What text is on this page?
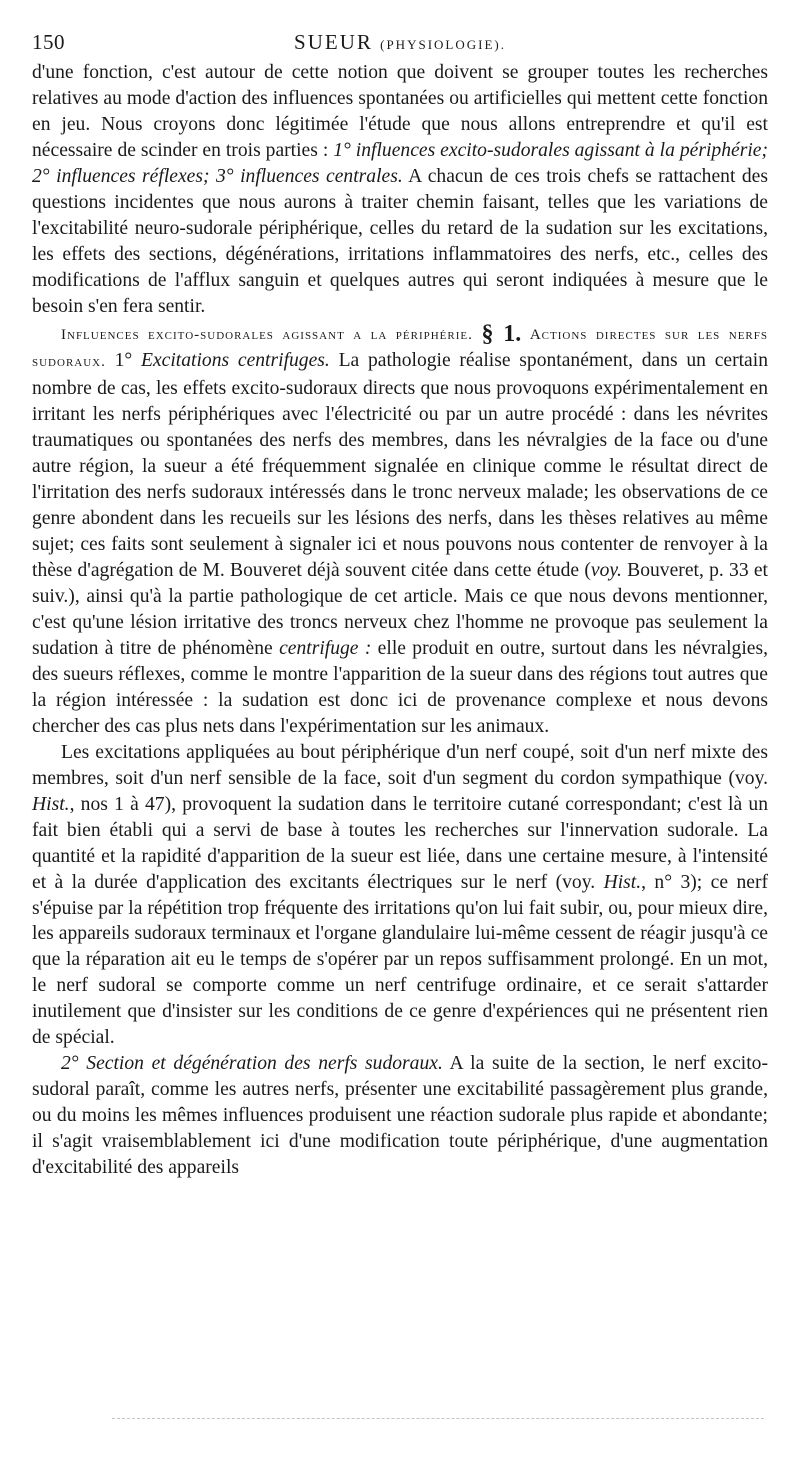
150	SUEUR (PHYSIOLOGIE).

d'une fonction, c'est autour de cette notion que doivent se grouper toutes les recherches relatives au mode d'action des influences spontanées ou artificielles qui mettent cette fonction en jeu. Nous croyons donc légitimée l'étude que nous allons entreprendre et qu'il est nécessaire de scinder en trois parties : 1° influences excito-sudorales agissant à la périphérie; 2° influences réflexes; 3° influences centrales. A chacun de ces trois chefs se rattachent des questions incidentes que nous aurons à traiter chemin faisant, telles que les variations de l'excitabilité neuro-sudorale périphérique, celles du retard de la sudation sur les excitations, les effets des sections, dégénérations, irritations inflammatoires des nerfs, etc., celles des modifications de l'afflux sanguin et quelques autres qui seront indiquées à mesure que le besoin s'en fera sentir.

Influences excito-sudorales agissant a la périphérie. § 1. Actions directes sur les nerfs sudoraux. 1° Excitations centrifuges. La pathologie réalise spontanément, dans un certain nombre de cas, les effets excito-sudoraux directs que nous provoquons expérimentalement en irritant les nerfs périphériques avec l'électricité ou par un autre procédé : dans les névrites traumatiques ou spontanées des nerfs des membres, dans les névralgies de la face ou d'une autre région, la sueur a été fréquemment signalée en clinique comme le résultat direct de l'irritation des nerfs sudoraux intéressés dans le tronc nerveux malade; les observations de ce genre abondent dans les recueils sur les lésions des nerfs, dans les thèses relatives au même sujet; ces faits sont seulement à signaler ici et nous pouvons nous contenter de renvoyer à la thèse d'agrégation de M. Bouveret déjà souvent citée dans cette étude (voy. Bouveret, p. 33 et suiv.), ainsi qu'à la partie pathologique de cet article. Mais ce que nous devons mentionner, c'est qu'une lésion irritative des troncs nerveux chez l'homme ne provoque pas seulement la sudation à titre de phénomène centrifuge : elle produit en outre, surtout dans les névralgies, des sueurs réflexes, comme le montre l'apparition de la sueur dans des régions tout autres que la région intéressée : la sudation est donc ici de provenance complexe et nous devons chercher des cas plus nets dans l'expérimentation sur les animaux.

Les excitations appliquées au bout périphérique d'un nerf coupé, soit d'un nerf mixte des membres, soit d'un nerf sensible de la face, soit d'un segment du cordon sympathique (voy. Hist., nos 1 à 47), provoquent la sudation dans le territoire cutané correspondant; c'est là un fait bien établi qui a servi de base à toutes les recherches sur l'innervation sudorale. La quantité et la rapidité d'apparition de la sueur est liée, dans une certaine mesure, à l'intensité et à la durée d'application des excitants électriques sur le nerf (voy. Hist., n° 3); ce nerf s'épuise par la répétition trop fréquente des irritations qu'on lui fait subir, ou, pour mieux dire, les appareils sudoraux terminaux et l'organe glandulaire lui-même cessent de réagir jusqu'à ce que la réparation ait eu le temps de s'opérer par un repos suffisamment prolongé. En un mot, le nerf sudoral se comporte comme un nerf centrifuge ordinaire, et ce serait s'attarder inutilement que d'insister sur les conditions de ce genre d'expériences qui ne présentent rien de spécial.

2° Section et dégénération des nerfs sudoraux. A la suite de la section, le nerf excito-sudoral paraît, comme les autres nerfs, présenter une excitabilité passagèrement plus grande, ou du moins les mêmes influences produisent une réaction sudorale plus rapide et abondante; il s'agit vraisemblablement ici d'une modification toute périphérique, d'une augmentation d'excitabilité des appareils
